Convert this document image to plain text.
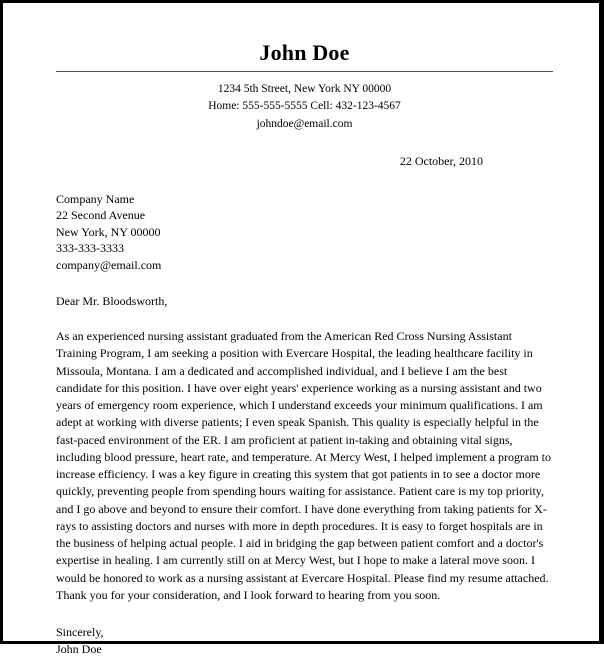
John Doe
1234 5th Street, New York NY 00000
Home: 555-555-5555 Cell: 432-123-4567
johndoe@email.com
22 October, 2010
Company Name
22 Second Avenue
New York, NY 00000
333-333-3333
company@email.com
Dear Mr. Bloodsworth,
As an experienced nursing assistant graduated from the American Red Cross Nursing Assistant Training Program, I am seeking a position with Evercare Hospital, the leading healthcare facility in Missoula, Montana. I am a dedicated and accomplished individual, and I believe I am the best candidate for this position. I have over eight years' experience working as a nursing assistant and two years of emergency room experience, which I understand exceeds your minimum qualifications. I am adept at working with diverse patients; I even speak Spanish. This quality is especially helpful in the fast-paced environment of the ER. I am proficient at patient in-taking and obtaining vital signs, including blood pressure, heart rate, and temperature. At Mercy West, I helped implement a program to increase efficiency. I was a key figure in creating this system that got patients in to see a doctor more quickly, preventing people from spending hours waiting for assistance. Patient care is my top priority, and I go above and beyond to ensure their comfort. I have done everything from taking patients for X-rays to assisting doctors and nurses with more in depth procedures. It is easy to forget hospitals are in the business of helping actual people. I aid in bridging the gap between patient comfort and a doctor's expertise in healing. I am currently still on at Mercy West, but I hope to make a lateral move soon. I would be honored to work as a nursing assistant at Evercare Hospital. Please find my resume attached. Thank you for your consideration, and I look forward to hearing from you soon.
Sincerely,
John Doe
